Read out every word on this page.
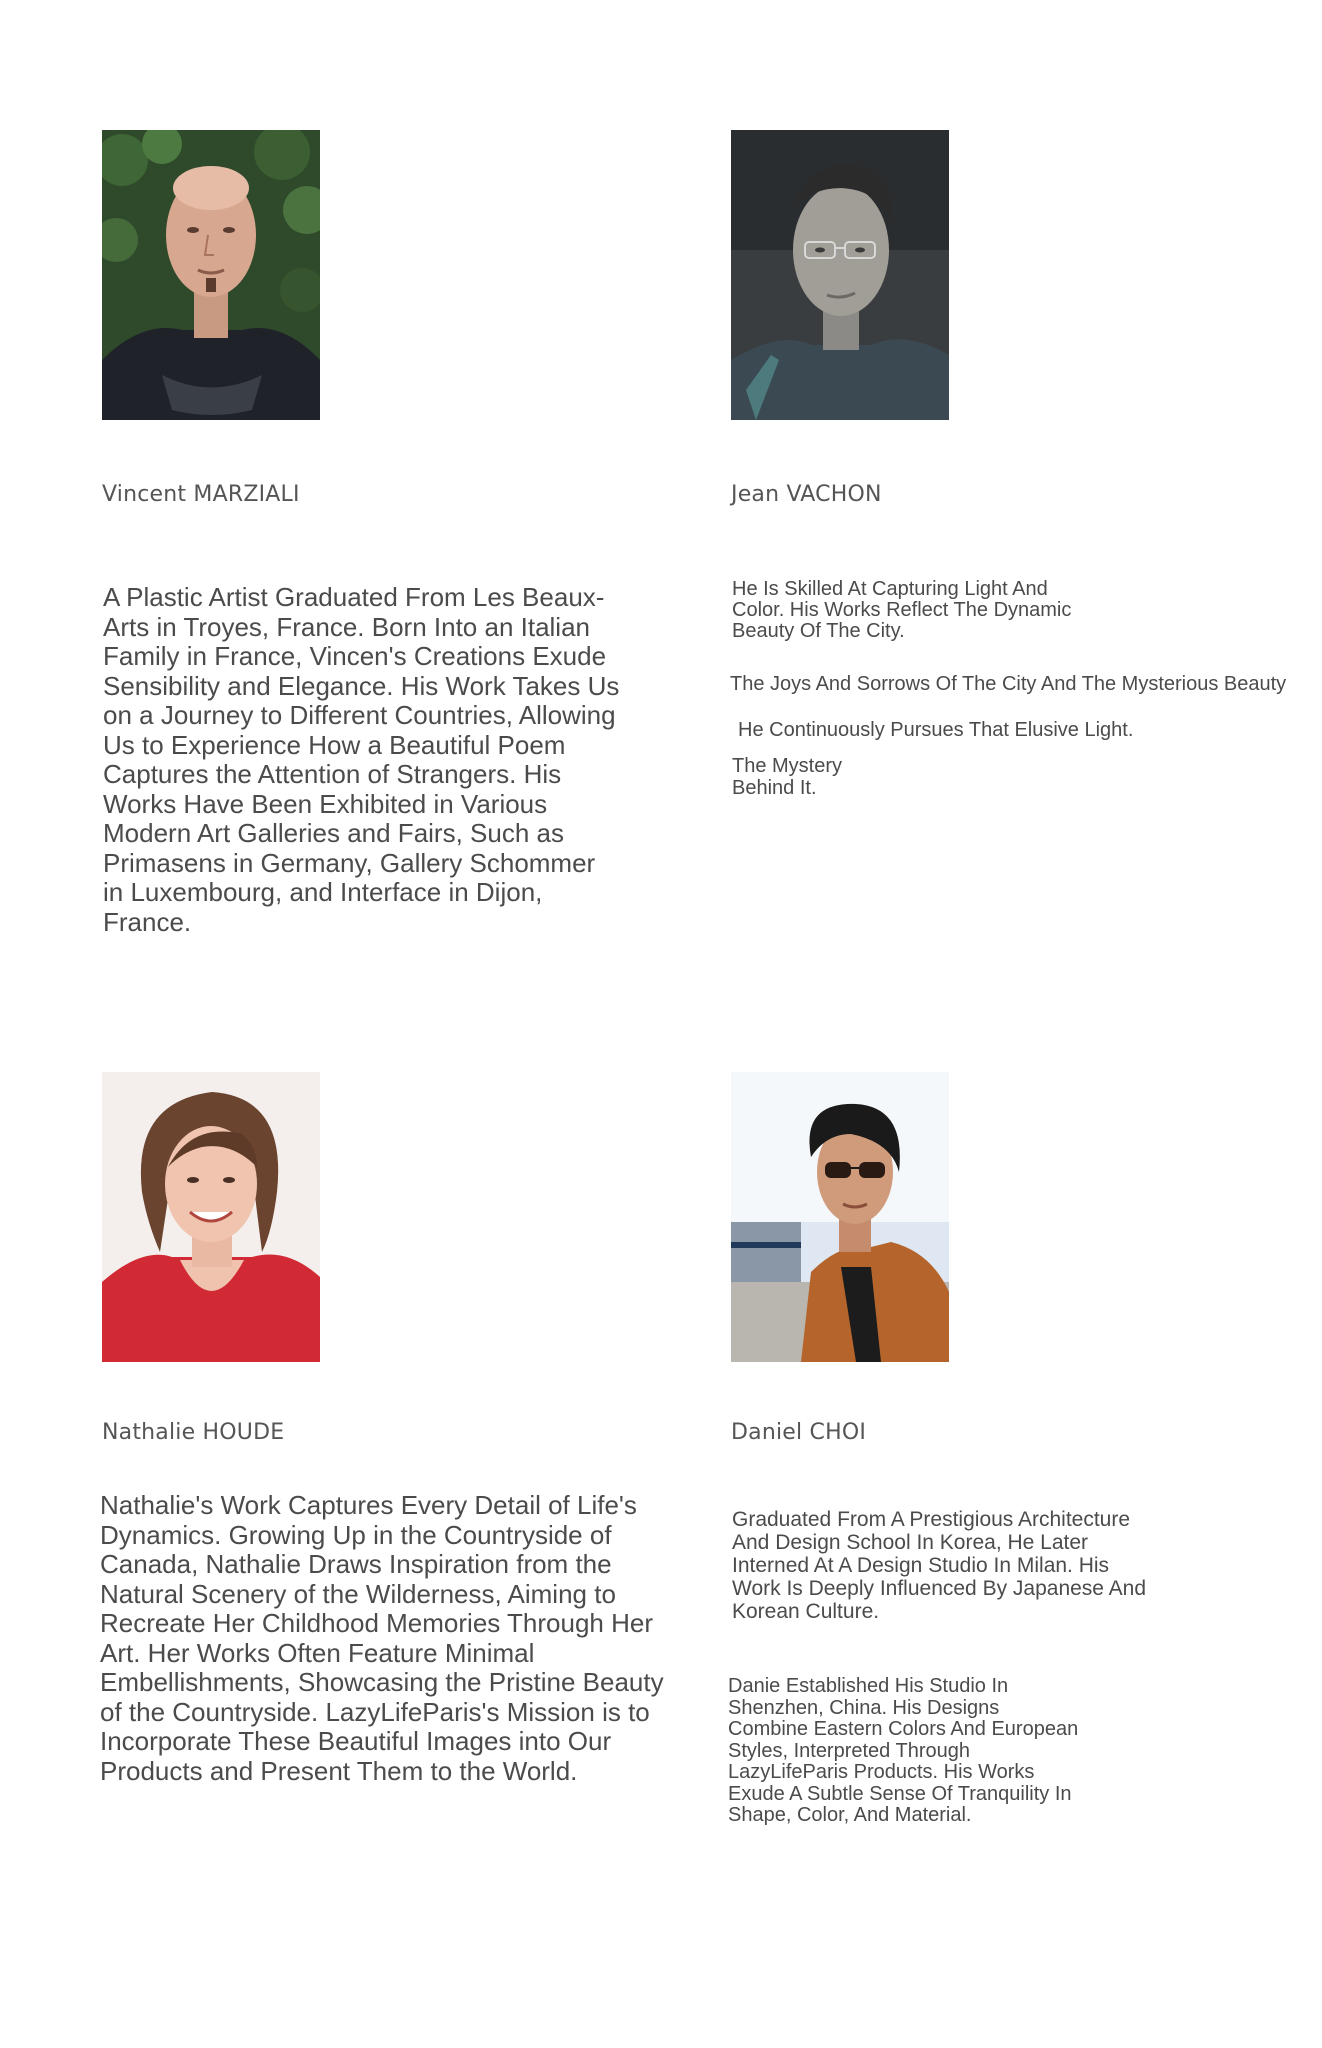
Vincent MARZIALI

A Plastic Artist Graduated From Les Beaux-Arts in Troyes, France. Born Into an Italian Family in France, Vincen's Creations Exude Sensibility and Elegance. His Work Takes Us on a Journey to Different Countries, Allowing Us to Experience How a Beautiful Poem Captures the Attention of Strangers. His Works Have Been Exhibited in Various Modern Art Galleries and Fairs, Such as Primasens in Germany, Gallery Schommer in Luxembourg, and Interface in Dijon, France.

Jean VACHON

He Is Skilled At Capturing Light And Color. His Works Reflect The Dynamic Beauty Of The City.

The Joys And Sorrows Of The City And The Mysterious Beauty

He Continuously Pursues That Elusive Light.

The Mystery Behind It.

Nathalie HOUDE

Nathalie's Work Captures Every Detail of Life's Dynamics. Growing Up in the Countryside of Canada, Nathalie Draws Inspiration from the Natural Scenery of the Wilderness, Aiming to Recreate Her Childhood Memories Through Her Art. Her Works Often Feature Minimal Embellishments, Showcasing the Pristine Beauty of the Countryside. LazyLifeParis's Mission is to Incorporate These Beautiful Images into Our Products and Present Them to the World.

Daniel CHOI

Graduated From A Prestigious Architecture And Design School In Korea, He Later Interned At A Design Studio In Milan. His Work Is Deeply Influenced By Japanese And Korean Culture.

Danie Established His Studio In Shenzhen, China. His Designs Combine Eastern Colors And European Styles, Interpreted Through LazyLifeParis Products. His Works Exude A Subtle Sense Of Tranquility In Shape, Color, And Material.
